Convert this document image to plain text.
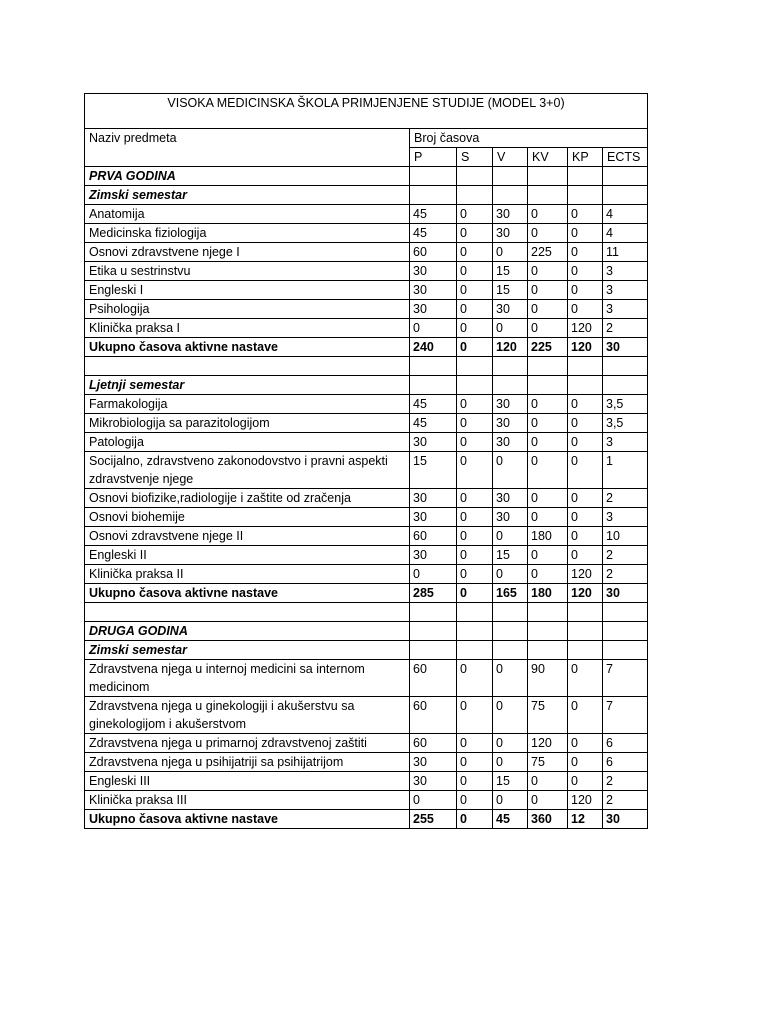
VISOKA MEDICINSKA ŠKOLA PRIMJENJENE STUDIJE (MODEL 3+0)						
Naziv predmeta	Broj časova					
	P	S	V	KV	KP	ECTS
PRVA GODINA						
Zimski semestar						
Anatomija	45	0	30	0	0	4
Medicinska fiziologija	45	0	30	0	0	4
Osnovi zdravstvene njege I	60	0	0	225	0	11
Etika u sestrinstvu	30	0	15	0	0	3
Engleski I	30	0	15	0	0	3
Psihologija	30	0	30	0	0	3
Klinička praksa I	0	0	0	0	120	2
Ukupno časova aktivne nastave	240	0	120	225	120	30

Ljetnji semestar						
Farmakologija	45	0	30	0	0	3,5
Mikrobiologija sa parazitologijom	45	0	30	0	0	3,5
Patologija	30	0	30	0	0	3
Socijalno, zdravstveno zakonodovstvo i pravni aspekti zdravstvenje njege	15	0	0	0	0	1
Osnovi biofizike,radiologije i zaštite od zračenja	30	0	30	0	0	2
Osnovi biohemije	30	0	30	0	0	3
Osnovi zdravstvene njege II	60	0	0	180	0	10
Engleski II	30	0	15	0	0	2
Klinička praksa II	0	0	0	0	120	2
Ukupno časova aktivne nastave	285	0	165	180	120	30

DRUGA GODINA						
Zimski semestar						
Zdravstvena njega u internoj medicini sa internom medicinom	60	0	0	90	0	7
Zdravstvena njega u ginekologiji i akušerstvu sa ginekologijom i akušerstvom	60	0	0	75	0	7
Zdravstvena njega u primarnoj zdravstvenoj zaštiti	60	0	0	120	0	6
Zdravstvena njega u psihijatriji sa psihijatrijom	30	0	0	75	0	6
Engleski III	30	0	15	0	0	2
Klinička praksa III	0	0	0	0	120	2
Ukupno časova aktivne nastave	255	0	45	360	12	30
